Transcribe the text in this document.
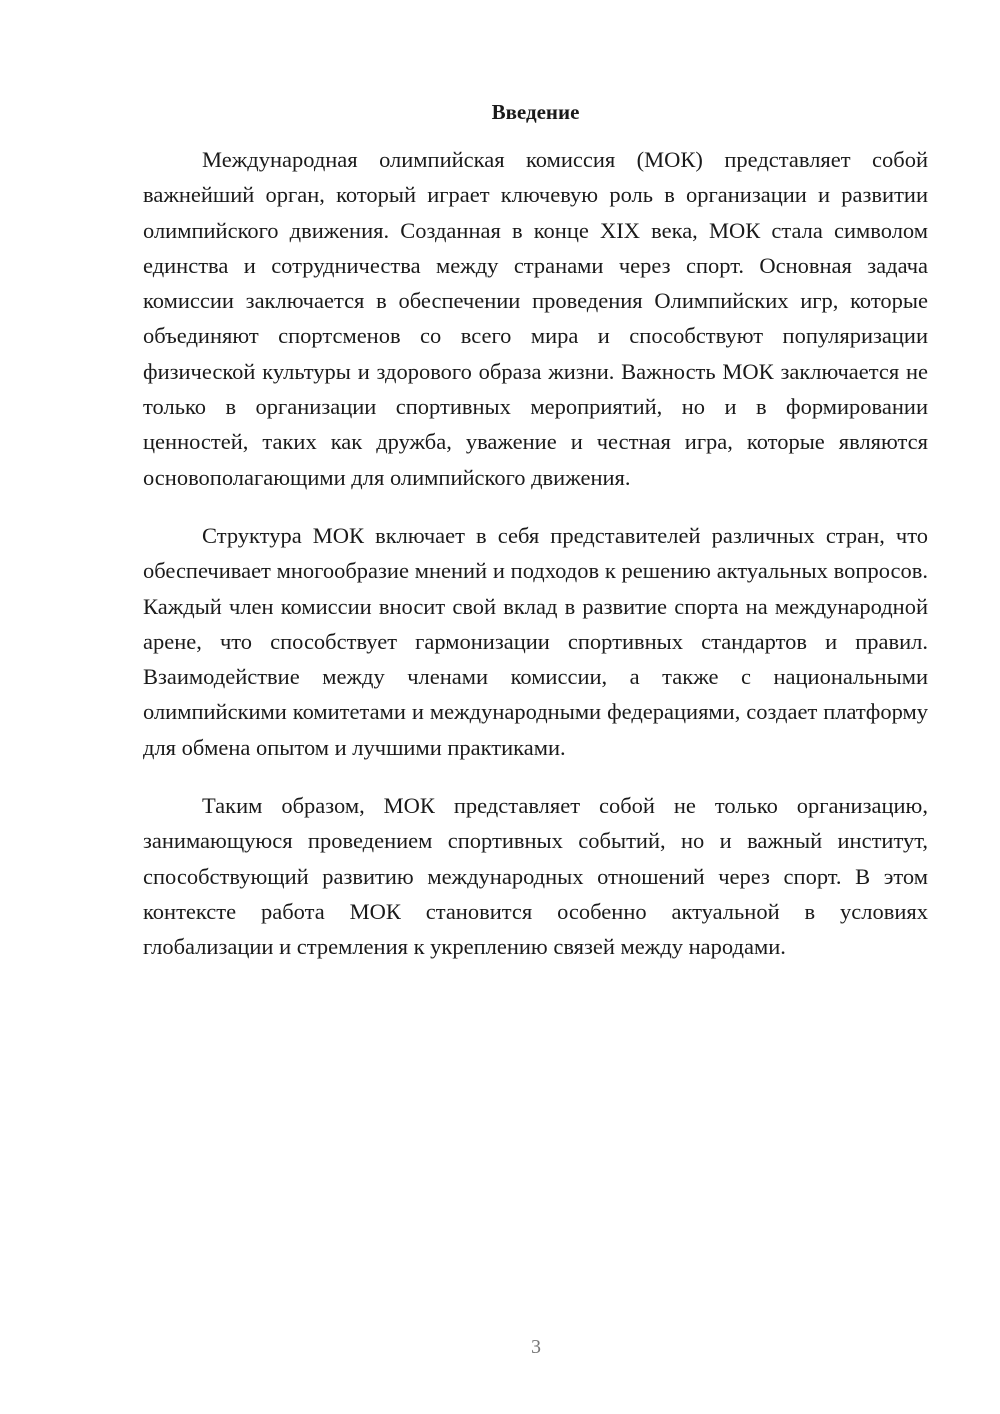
Введение

Международная олимпийская комиссия (МОК) представляет собой важнейший орган, который играет ключевую роль в организации и развитии олимпийского движения. Созданная в конце XIX века, МОК стала символом единства и сотрудничества между странами через спорт. Основная задача комиссии заключается в обеспечении проведения Олимпийских игр, которые объединяют спортсменов со всего мира и способствуют популяризации физической культуры и здорового образа жизни. Важность МОК заключается не только в организации спортивных мероприятий, но и в формировании ценностей, таких как дружба, уважение и честная игра, которые являются основополагающими для олимпийского движения.

Структура МОК включает в себя представителей различных стран, что обеспечивает многообразие мнений и подходов к решению актуальных вопросов. Каждый член комиссии вносит свой вклад в развитие спорта на международной арене, что способствует гармонизации спортивных стандартов и правил. Взаимодействие между членами комиссии, а также с национальными олимпийскими комитетами и международными федерациями, создает платформу для обмена опытом и лучшими практиками.

Таким образом, МОК представляет собой не только организацию, занимающуюся проведением спортивных событий, но и важный институт, способствующий развитию международных отношений через спорт. В этом контексте работа МОК становится особенно актуальной в условиях глобализации и стремления к укреплению связей между народами.

3
